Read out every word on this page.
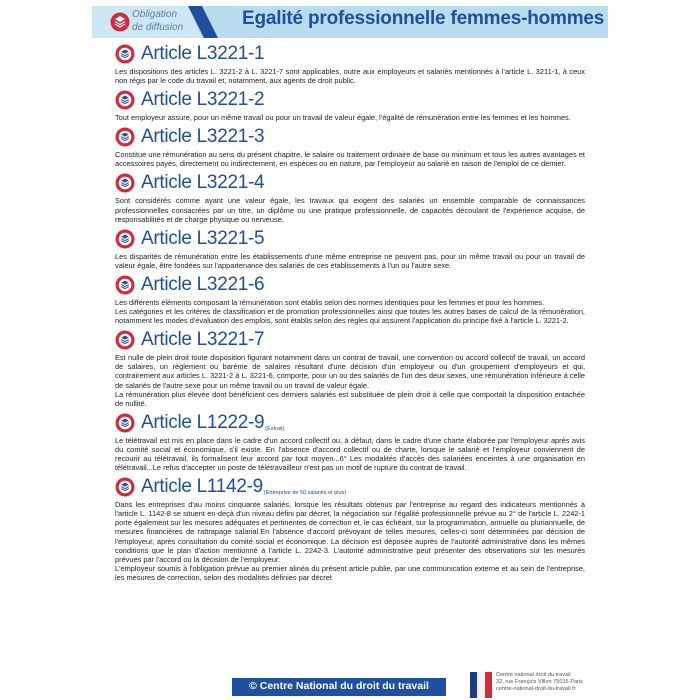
Obligation
de diffusion	Egalité professionnelle femmes-hommes
Article L3221-1

Les dispositions des articles L. 3221-2 à L. 3221-7 sont applicables, outre aux employeurs et salariés mentionnés à l'article L. 3211-1, à ceux non régis par le code du travail et, notamment, aux agents de droit public.

Article L3221-2

Tout employeur assure, pour un même travail ou pour un travail de valeur égale, l'égalité de rémunération entre les femmes et les hommes.

Article L3221-3

Constitue une rémunération au sens du présent chapitre, le salaire ou traitement ordinaire de base ou minimum et tous les autres avantages et accessoires payés, directement ou indirectement, en espèces ou en nature, par l'employeur au salarié en raison de l'emploi de ce dernier.

Article L3221-4

Sont considérés comme ayant une valeur égale, les travaux qui exigent des salariés un ensemble comparable de connaissances professionnelles consacrées par un titre, un diplôme ou une pratique professionnelle, de capacités découlant de l'expérience acquise, de responsabilités et de charge physique ou nerveuse.

Article L3221-5

Les disparités de rémunération entre les établissements d'une même entreprise ne peuvent pas, pour un même travail ou pour un travail de valeur égale, être fondées sur l'appartenance des salariés de ces établissements à l'un ou l'autre sexe.

Article L3221-6

Les différents éléments composant la rémunération sont établis selon des normes identiques pour les femmes et pour les hommes.

Les catégories et les critères de classification et de promotion professionnelles ainsi que toutes les autres bases de calcul de la rémunération, notamment les modes d'évaluation des emplois, sont établis selon des règles qui assurent l'application du principe fixé à l'article L. 3221-2.

Article L3221-7

Est nulle de plein droit toute disposition figurant notamment dans un contrat de travail, une convention ou accord collectif de travail, un accord de salaires, un règlement ou barème de salaires résultant d'une décision d'un employeur ou d'un groupement d'employeurs et qui, contrairement aux articles L. 3221-2 à L. 3221-6, comporte, pour un ou des salariés de l'un des deux sexes, une rémunération inférieure à celle de salariés de l'autre sexe pour un même travail ou un travail de valeur égale.

La rémunération plus élevée dont bénéficient ces derniers salariés est substituée de plein droit à celle que comportait la disposition entachée de nullité.

Article L1222-9 (Extrait)

Le télétravail est mis en place dans le cadre d'un accord collectif ou, à défaut, dans le cadre d'une charte élaborée par l'employeur après avis du comité social et économique, s'il existe. En l'absence d'accord collectif ou de charte, lorsque le salarié et l'employeur conviennent de recourir au télétravail, ils formalisent leur accord par tout moyen...6° Les modalités d'accès des salariées enceintes à une organisation en télétravail...Le refus d'accepter un poste de télétravailleur n'est pas un motif de rupture du contrat de travail.

Article L1142-9 (Entreprise de 50 salariés et plus)

Dans les entreprises d'au moins cinquante salariés, lorsque les résultats obtenus par l'entreprise au regard des indicateurs mentionnés à l'article L. 1142-8 se situent en-deçà d'un niveau défini par décret, la négociation sur l'égalité professionnelle prévue au 2° de l'article L. 2242-1 porte également sur les mesures adéquates et pertinentes de correction et, le cas échéant, sur la programmation, annuelle ou pluriannuelle, de mesures financières de rattrapage salarial.En l'absence d'accord prévoyant de telles mesures, celles-ci sont déterminées par décision de l'employeur, après consultation du comité social et économique. La décision est déposée auprès de l'autorité administrative dans les mêmes conditions que le plan d'action mentionné à l'article L. 2242-3. L'autorité administrative peut présenter des observations sur les mesures prévues par l'accord ou la décision de l'employeur.

L'employeur soumis à l'obligation prévue au premier alinéa du présent article publie, par une communication externe et au sein de l'entreprise, les mesures de correction, selon des modalités définies par décret

© Centre National du droit du travail
Centre national droit du travail
32, rue François Villon 75015 Paris
centre-national-droit-du-travail.fr
